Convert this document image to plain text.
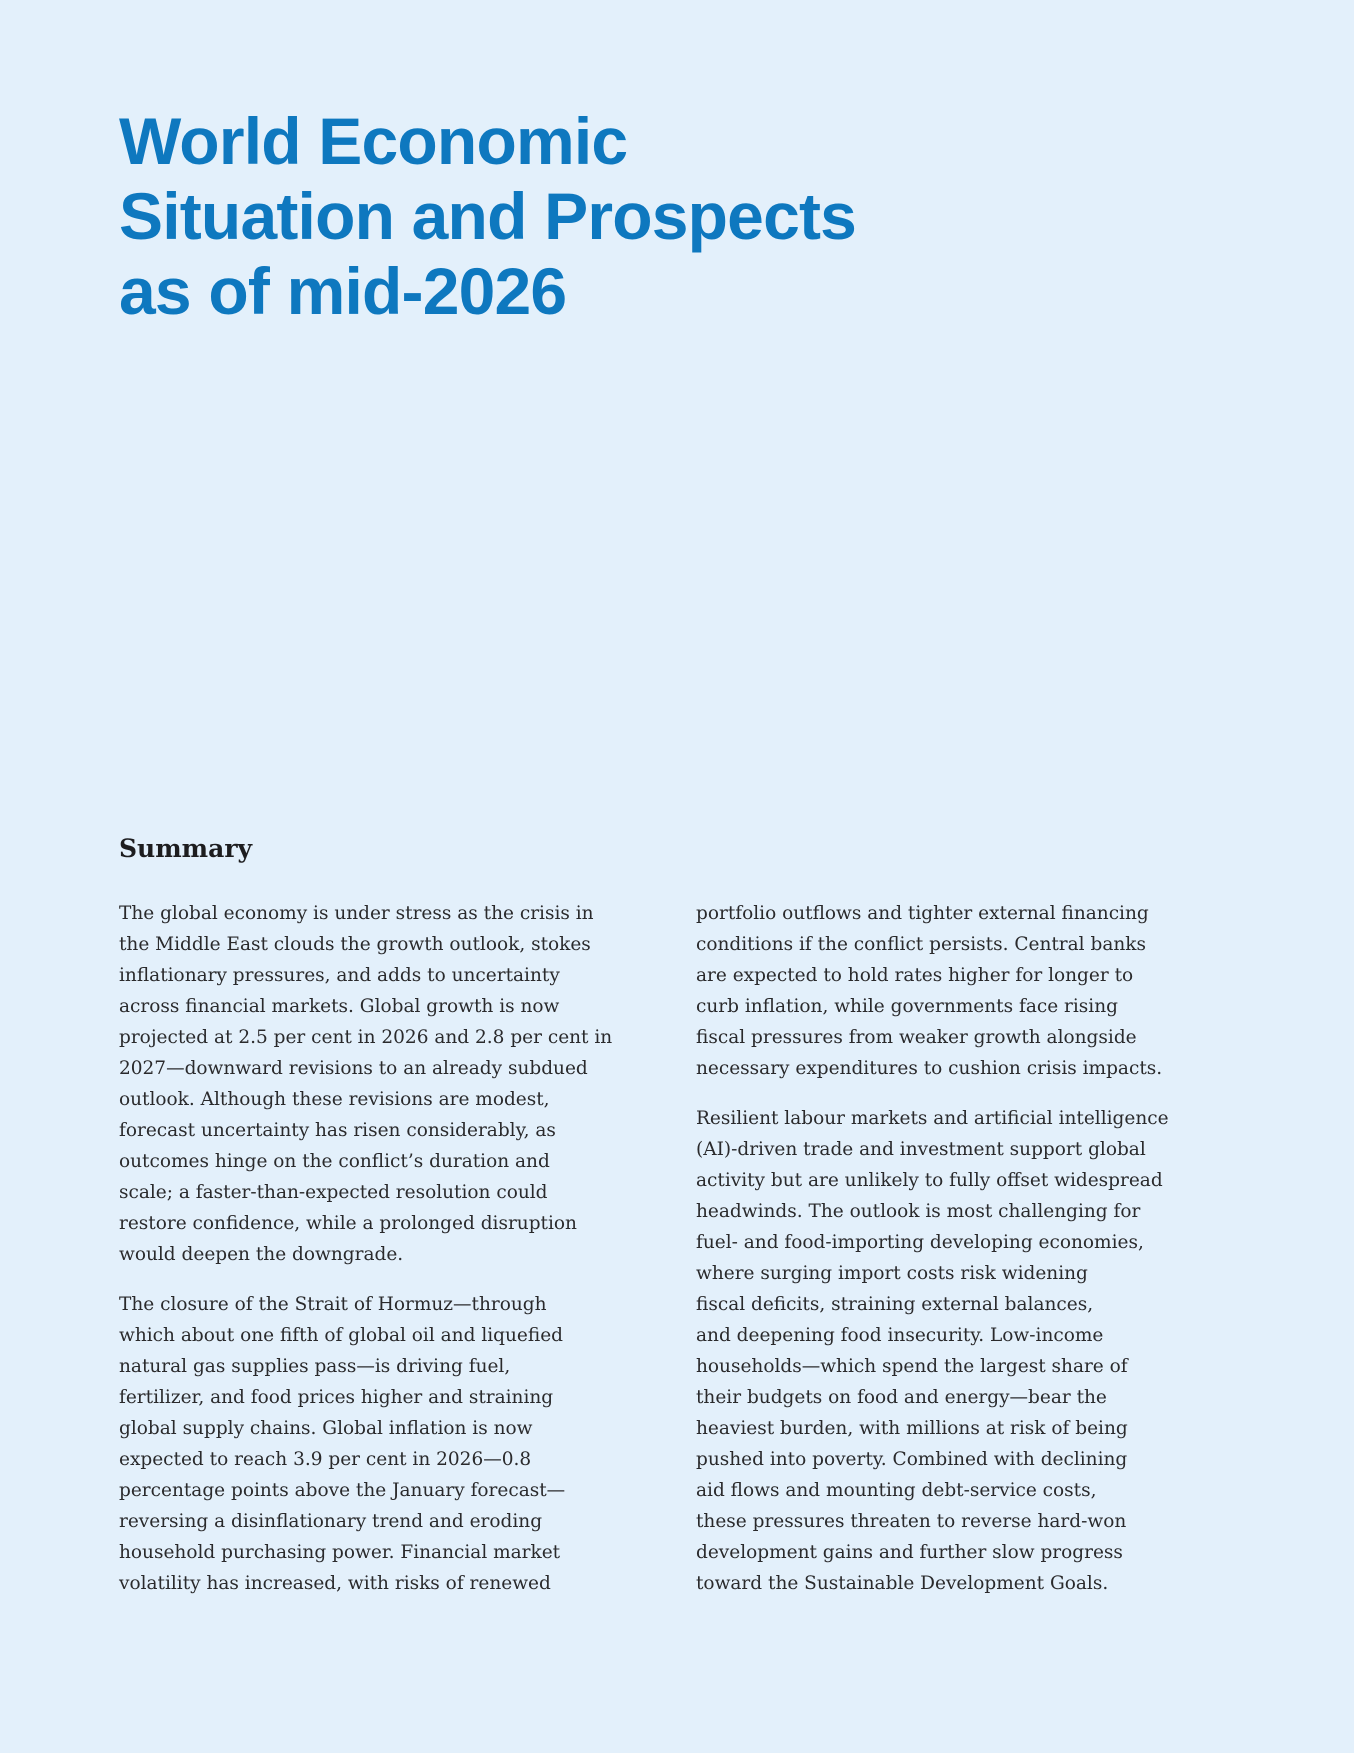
World Economic
Situation and Prospects
as of mid-2026
Summary

The global economy is under stress as the crisis in
the Middle East clouds the growth outlook, stokes
inflationary pressures, and adds to uncertainty
across financial markets. Global growth is now
projected at 2.5 per cent in 2026 and 2.8 per cent in
2027—downward revisions to an already subdued
outlook. Although these revisions are modest,
forecast uncertainty has risen considerably, as
outcomes hinge on the conflict’s duration and
scale; a faster-than-expected resolution could
restore confidence, while a prolonged disruption
would deepen the downgrade.

The closure of the Strait of Hormuz—through
which about one fifth of global oil and liquefied
natural gas supplies pass—is driving fuel,
fertilizer, and food prices higher and straining
global supply chains. Global inflation is now
expected to reach 3.9 per cent in 2026—0.8
percentage points above the January forecast—
reversing a disinflationary trend and eroding
household purchasing power. Financial market
volatility has increased, with risks of renewed

portfolio outflows and tighter external financing
conditions if the conflict persists. Central banks
are expected to hold rates higher for longer to
curb inflation, while governments face rising
fiscal pressures from weaker growth alongside
necessary expenditures to cushion crisis impacts.

Resilient labour markets and artificial intelligence
(AI)-driven trade and investment support global
activity but are unlikely to fully offset widespread
headwinds. The outlook is most challenging for
fuel- and food-importing developing economies,
where surging import costs risk widening
fiscal deficits, straining external balances,
and deepening food insecurity. Low-income
households—which spend the largest share of
their budgets on food and energy—bear the
heaviest burden, with millions at risk of being
pushed into poverty. Combined with declining
aid flows and mounting debt-service costs,
these pressures threaten to reverse hard-won
development gains and further slow progress
toward the Sustainable Development Goals.
